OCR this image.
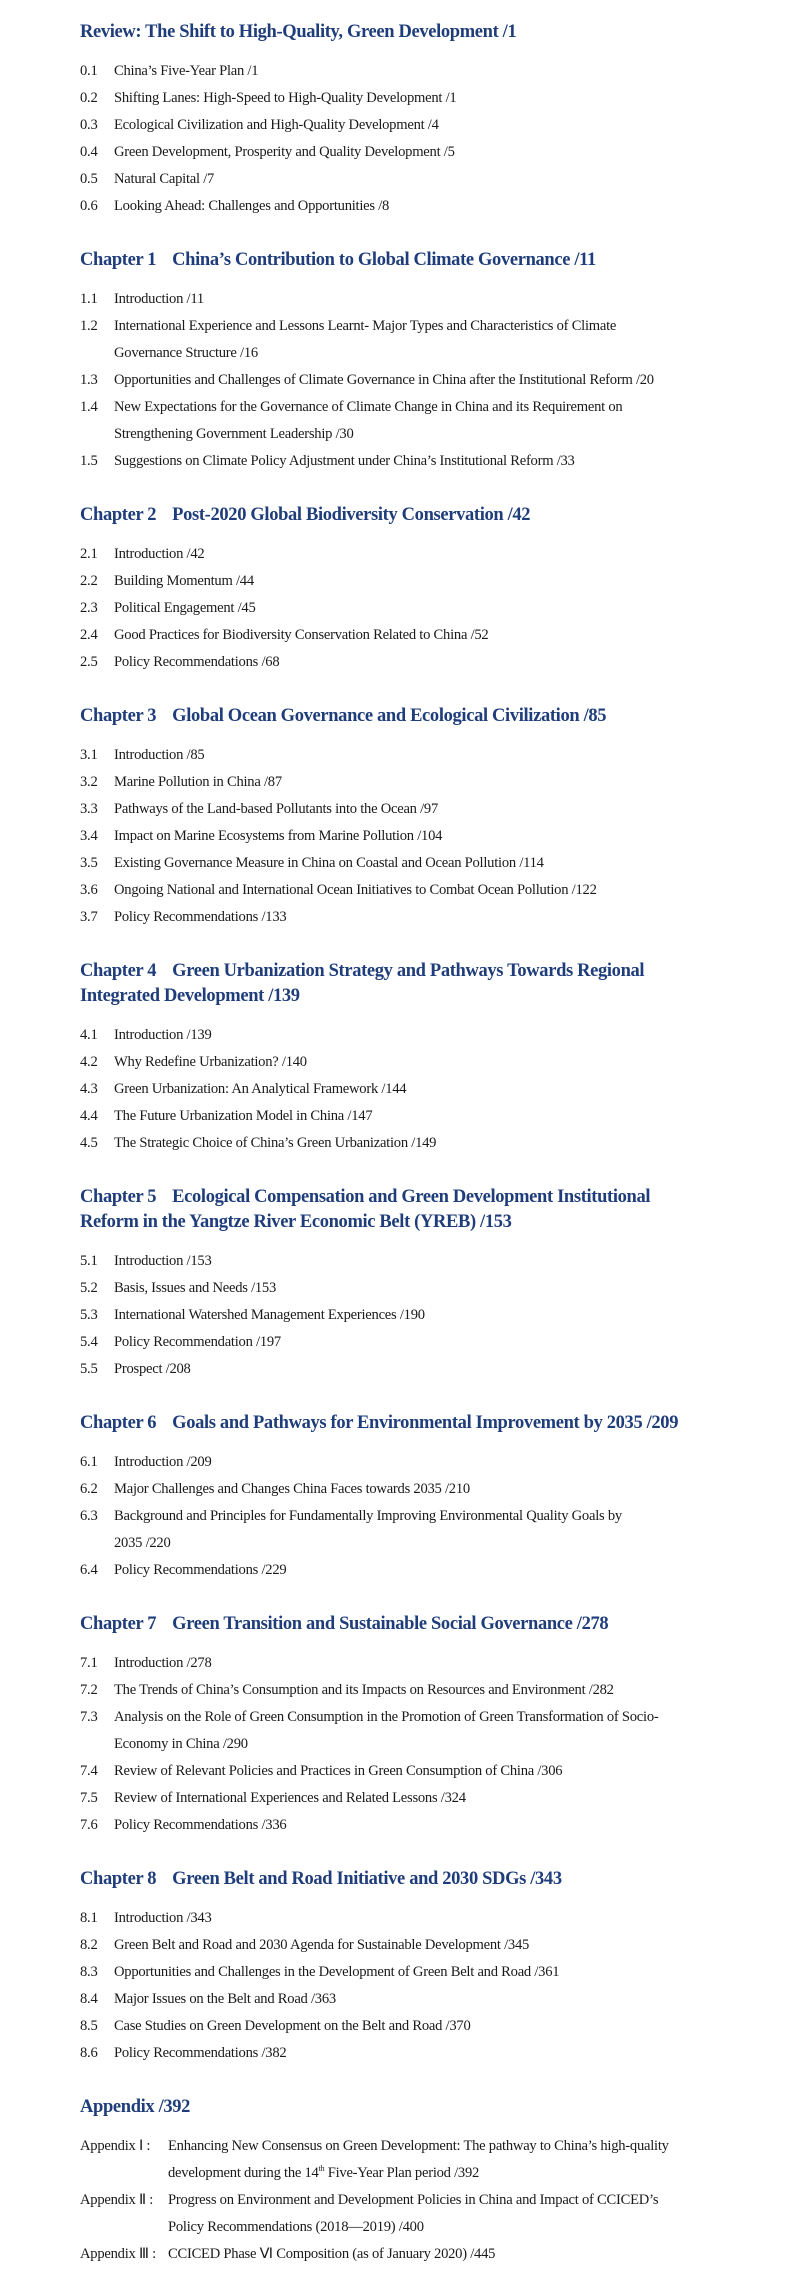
Review: The Shift to High-Quality, Green Development /1
0.1	China’s Five-Year Plan /1
0.2	Shifting Lanes: High-Speed to High-Quality Development /1
0.3	Ecological Civilization and High-Quality Development /4
0.4	Green Development, Prosperity and Quality Development /5
0.5	Natural Capital /7
0.6	Looking Ahead: Challenges and Opportunities /8
Chapter 1 China’s Contribution to Global Climate Governance /11
1.1	Introduction /11
1.2	International Experience and Lessons Learnt- Major Types and Characteristics of Climate
Governance Structure /16
1.3	Opportunities and Challenges of Climate Governance in China after the Institutional Reform /20
1.4	New Expectations for the Governance of Climate Change in China and its Requirement on
Strengthening Government Leadership /30
1.5	Suggestions on Climate Policy Adjustment under China’s Institutional Reform /33
Chapter 2 Post-2020 Global Biodiversity Conservation /42
2.1	Introduction /42
2.2	Building Momentum /44
2.3	Political Engagement /45
2.4	Good Practices for Biodiversity Conservation Related to China /52
2.5	Policy Recommendations /68
Chapter 3 Global Ocean Governance and Ecological Civilization /85
3.1	Introduction /85
3.2	Marine Pollution in China /87
3.3	Pathways of the Land-based Pollutants into the Ocean /97
3.4	Impact on Marine Ecosystems from Marine Pollution /104
3.5	Existing Governance Measure in China on Coastal and Ocean Pollution /114
3.6	Ongoing National and International Ocean Initiatives to Combat Ocean Pollution /122
3.7	Policy Recommendations /133
Chapter 4 Green Urbanization Strategy and Pathways Towards Regional
Integrated Development /139
4.1	Introduction /139
4.2	Why Redefine Urbanization? /140
4.3	Green Urbanization: An Analytical Framework /144
4.4	The Future Urbanization Model in China /147
4.5	The Strategic Choice of China’s Green Urbanization /149
Chapter 5 Ecological Compensation and Green Development Institutional
Reform in the Yangtze River Economic Belt (YREB) /153
5.1	Introduction /153
5.2	Basis, Issues and Needs /153
5.3	International Watershed Management Experiences /190
5.4	Policy Recommendation /197
5.5	Prospect /208
Chapter 6 Goals and Pathways for Environmental Improvement by 2035 /209
6.1	Introduction /209
6.2	Major Challenges and Changes China Faces towards 2035 /210
6.3	Background and Principles for Fundamentally Improving Environmental Quality Goals by
2035 /220
6.4	Policy Recommendations /229
Chapter 7 Green Transition and Sustainable Social Governance /278
7.1	Introduction /278
7.2	The Trends of China’s Consumption and its Impacts on Resources and Environment /282
7.3	Analysis on the Role of Green Consumption in the Promotion of Green Transformation of Socio-
Economy in China /290
7.4	Review of Relevant Policies and Practices in Green Consumption of China /306
7.5	Review of International Experiences and Related Lessons /324
7.6	Policy Recommendations /336
Chapter 8 Green Belt and Road Initiative and 2030 SDGs /343
8.1	Introduction /343
8.2	Green Belt and Road and 2030 Agenda for Sustainable Development /345
8.3	Opportunities and Challenges in the Development of Green Belt and Road /361
8.4	Major Issues on the Belt and Road /363
8.5	Case Studies on Green Development on the Belt and Road /370
8.6	Policy Recommendations /382
Appendix /392
Appendix Ⅰ :	Enhancing New Consensus on Green Development: The pathway to China’s high-quality
development during the 14th Five-Year Plan period /392
Appendix Ⅱ :	Progress on Environment and Development Policies in China and Impact of CCICED’s
Policy Recommendations (2018—2019) /400
Appendix Ⅲ : CCICED Phase Ⅵ Composition (as of January 2020) /445
